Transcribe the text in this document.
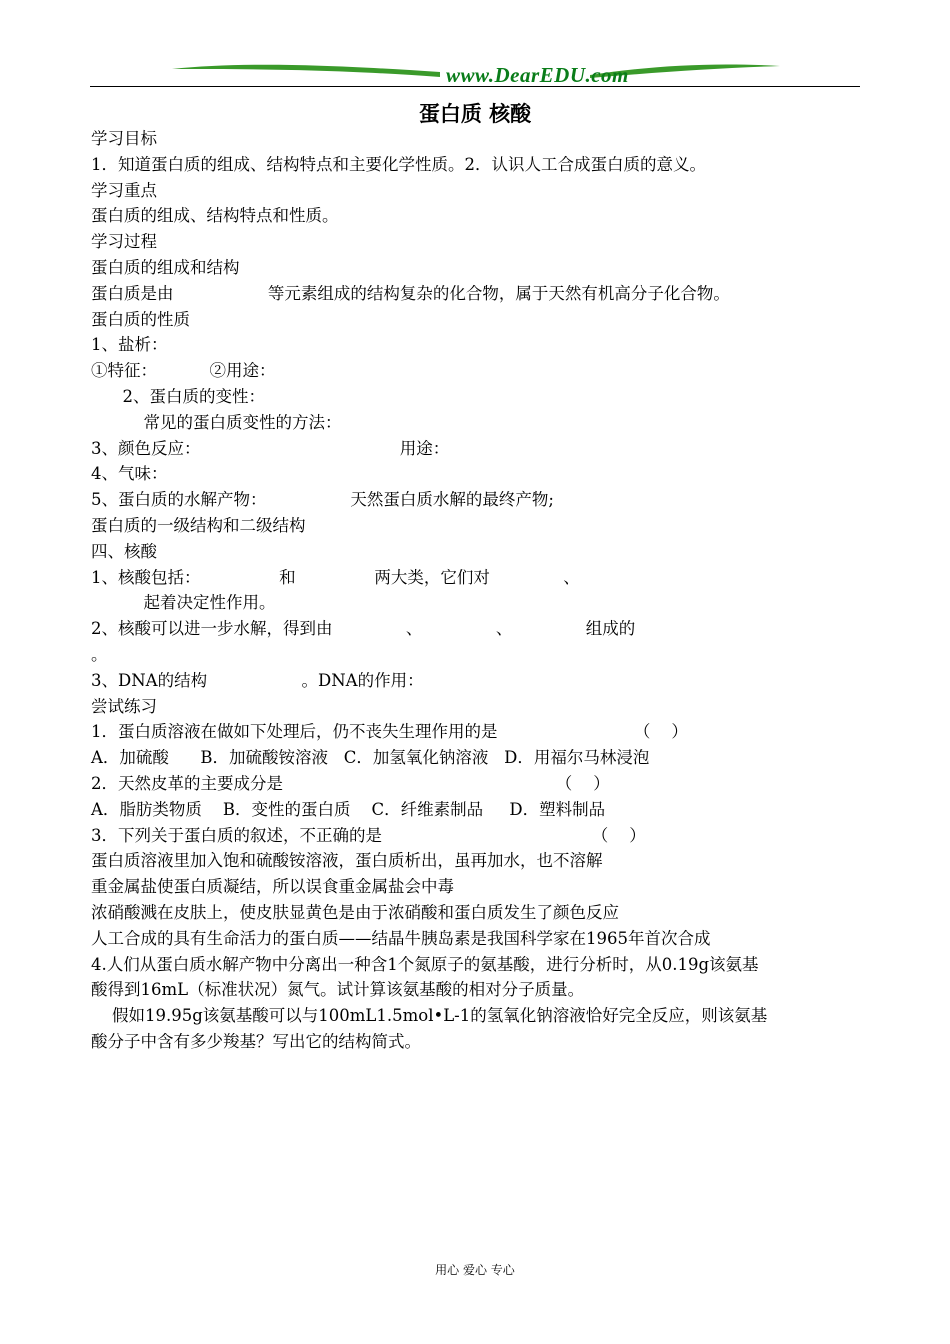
www.DearEDU.com
蛋白质 核酸
学习目标
1．知道蛋白质的组成、结构特点和主要化学性质。2．认识人工合成蛋白质的意义。
学习重点
蛋白质的组成、结构特点和性质。
学习过程
蛋白质的组成和结构
蛋白质是由                  等元素组成的结构复杂的化合物，属于天然有机高分子化合物。
蛋白质的性质
1、盐析：
①特征：          ②用途：
2、蛋白质的变性：
常见的蛋白质变性的方法：
3、颜色反应：                                      用途：
4、气味：
5、蛋白质的水解产物：                天然蛋白质水解的最终产物;
蛋白质的一级结构和二级结构
四、核酸
1、核酸包括：               和               两大类，它们对              、
起着决定性作用。
2、核酸可以进一步水解，得到由              、              、              组成的
。
3、DNA的结构                  。DNA的作用：
尝试练习
1．蛋白质溶液在做如下处理后，仍不丧失生理作用的是                          （    ）
A．加硫酸      B．加硫酸铵溶液   C．加氢氧化钠溶液   D．用福尔马林浸泡
2．天然皮革的主要成分是                                                    （    ）
A．脂肪类物质    B．变性的蛋白质    C．纤维素制品     D．塑料制品
3．下列关于蛋白质的叙述，不正确的是                                        （    ）
蛋白质溶液里加入饱和硫酸铵溶液，蛋白质析出，虽再加水，也不溶解
重金属盐使蛋白质凝结，所以误食重金属盐会中毒
浓硝酸溅在皮肤上，使皮肤显黄色是由于浓硝酸和蛋白质发生了颜色反应
人工合成的具有生命活力的蛋白质——结晶牛胰岛素是我国科学家在1965年首次合成
4.人们从蛋白质水解产物中分离出一种含1个氮原子的氨基酸，进行分析时，从0.19g该氨基
酸得到16mL（标准状况）氮气。试计算该氨基酸的相对分子质量。
假如19.95g该氨基酸可以与100mL1.5mol•L-1的氢氧化钠溶液恰好完全反应，则该氨基
酸分子中含有多少羧基？写出它的结构简式。
用心 爱心 专心
